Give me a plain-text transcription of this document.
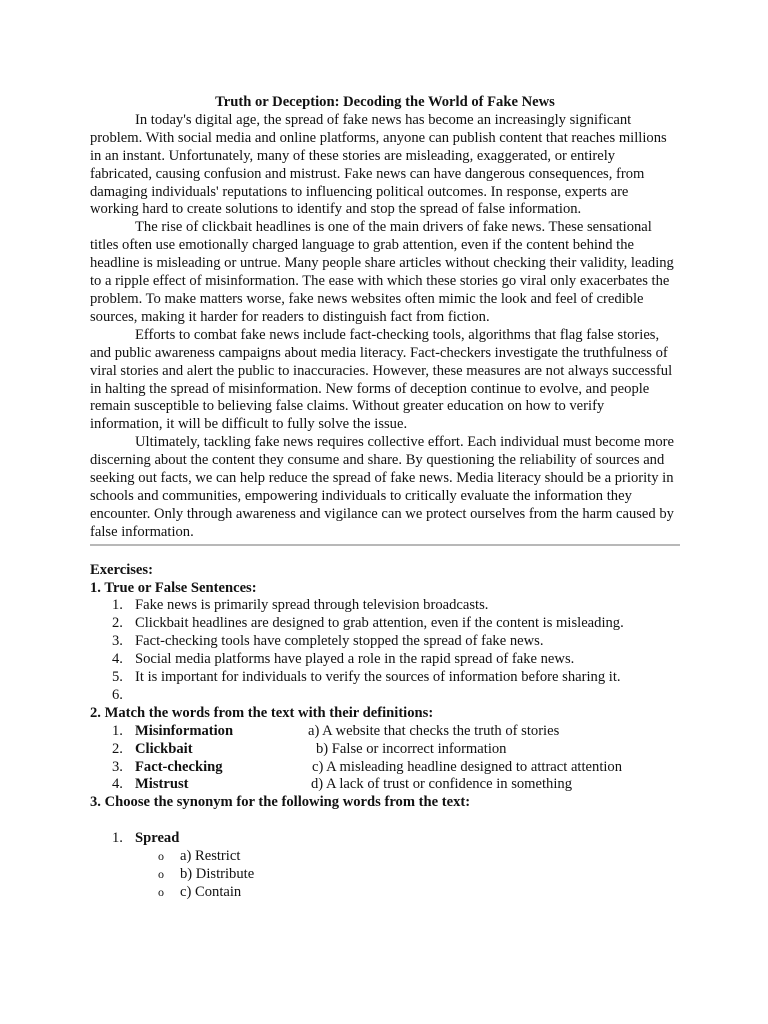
Truth or Deception: Decoding the World of Fake News

In today's digital age, the spread of fake news has become an increasingly significant problem. With social media and online platforms, anyone can publish content that reaches millions in an instant. Unfortunately, many of these stories are misleading, exaggerated, or entirely fabricated, causing confusion and mistrust. Fake news can have dangerous consequences, from damaging individuals' reputations to influencing political outcomes. In response, experts are working hard to create solutions to identify and stop the spread of false information.

The rise of clickbait headlines is one of the main drivers of fake news. These sensational titles often use emotionally charged language to grab attention, even if the content behind the headline is misleading or untrue. Many people share articles without checking their validity, leading to a ripple effect of misinformation. The ease with which these stories go viral only exacerbates the problem. To make matters worse, fake news websites often mimic the look and feel of credible sources, making it harder for readers to distinguish fact from fiction.

Efforts to combat fake news include fact-checking tools, algorithms that flag false stories, and public awareness campaigns about media literacy. Fact-checkers investigate the truthfulness of viral stories and alert the public to inaccuracies. However, these measures are not always successful in halting the spread of misinformation. New forms of deception continue to evolve, and people remain susceptible to believing false claims. Without greater education on how to verify information, it will be difficult to fully solve the issue.

Ultimately, tackling fake news requires collective effort. Each individual must become more discerning about the content they consume and share. By questioning the reliability of sources and seeking out facts, we can help reduce the spread of fake news. Media literacy should be a priority in schools and communities, empowering individuals to critically evaluate the information they encounter. Only through awareness and vigilance can we protect ourselves from the harm caused by false information.

Exercises:

1. True or False Sentences:

1. Fake news is primarily spread through television broadcasts.
2. Clickbait headlines are designed to grab attention, even if the content is misleading.
3. Fact-checking tools have completely stopped the spread of fake news.
4. Social media platforms have played a role in the rapid spread of fake news.
5. It is important for individuals to verify the sources of information before sharing it.
6.

2. Match the words from the text with their definitions:

1. Misinformation	a) A website that checks the truth of stories
2. Clickbait	b) False or incorrect information
3. Fact-checking	c) A misleading headline designed to attract attention
4. Mistrust	d) A lack of trust or confidence in something

3. Choose the synonym for the following words from the text:

1. Spread
o a) Restrict
o b) Distribute
o c) Contain
